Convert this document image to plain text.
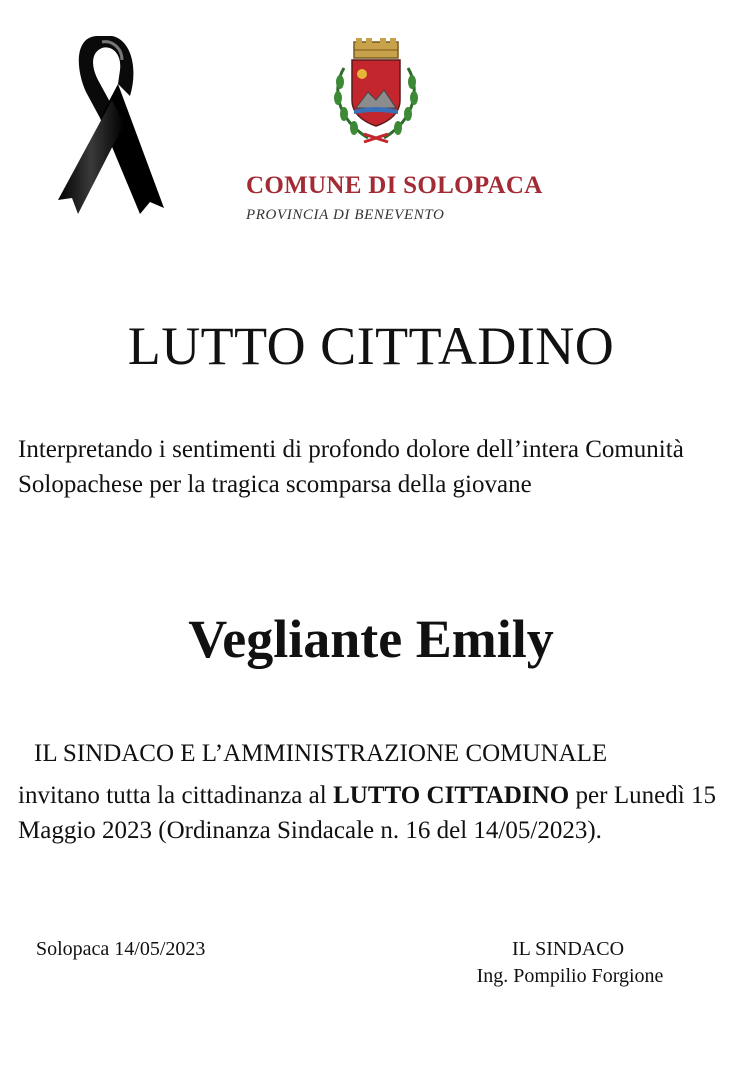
COMUNE DI SOLOPACA
PROVINCIA DI BENEVENTO
LUTTO CITTADINO

Interpretando i sentimenti di profondo dolore dell’intera Comunità Solopachese per la tragica scomparsa della giovane

Vegliante Emily
IL SINDACO E L’AMMINISTRAZIONE COMUNALE

invitano tutta la cittadinanza al LUTTO CITTADINO per Lunedì 15 Maggio 2023 (Ordinanza Sindacale n. 16 del 14/05/2023).

Solopaca 14/05/2023	IL SINDACO
Ing. Pompilio Forgione
